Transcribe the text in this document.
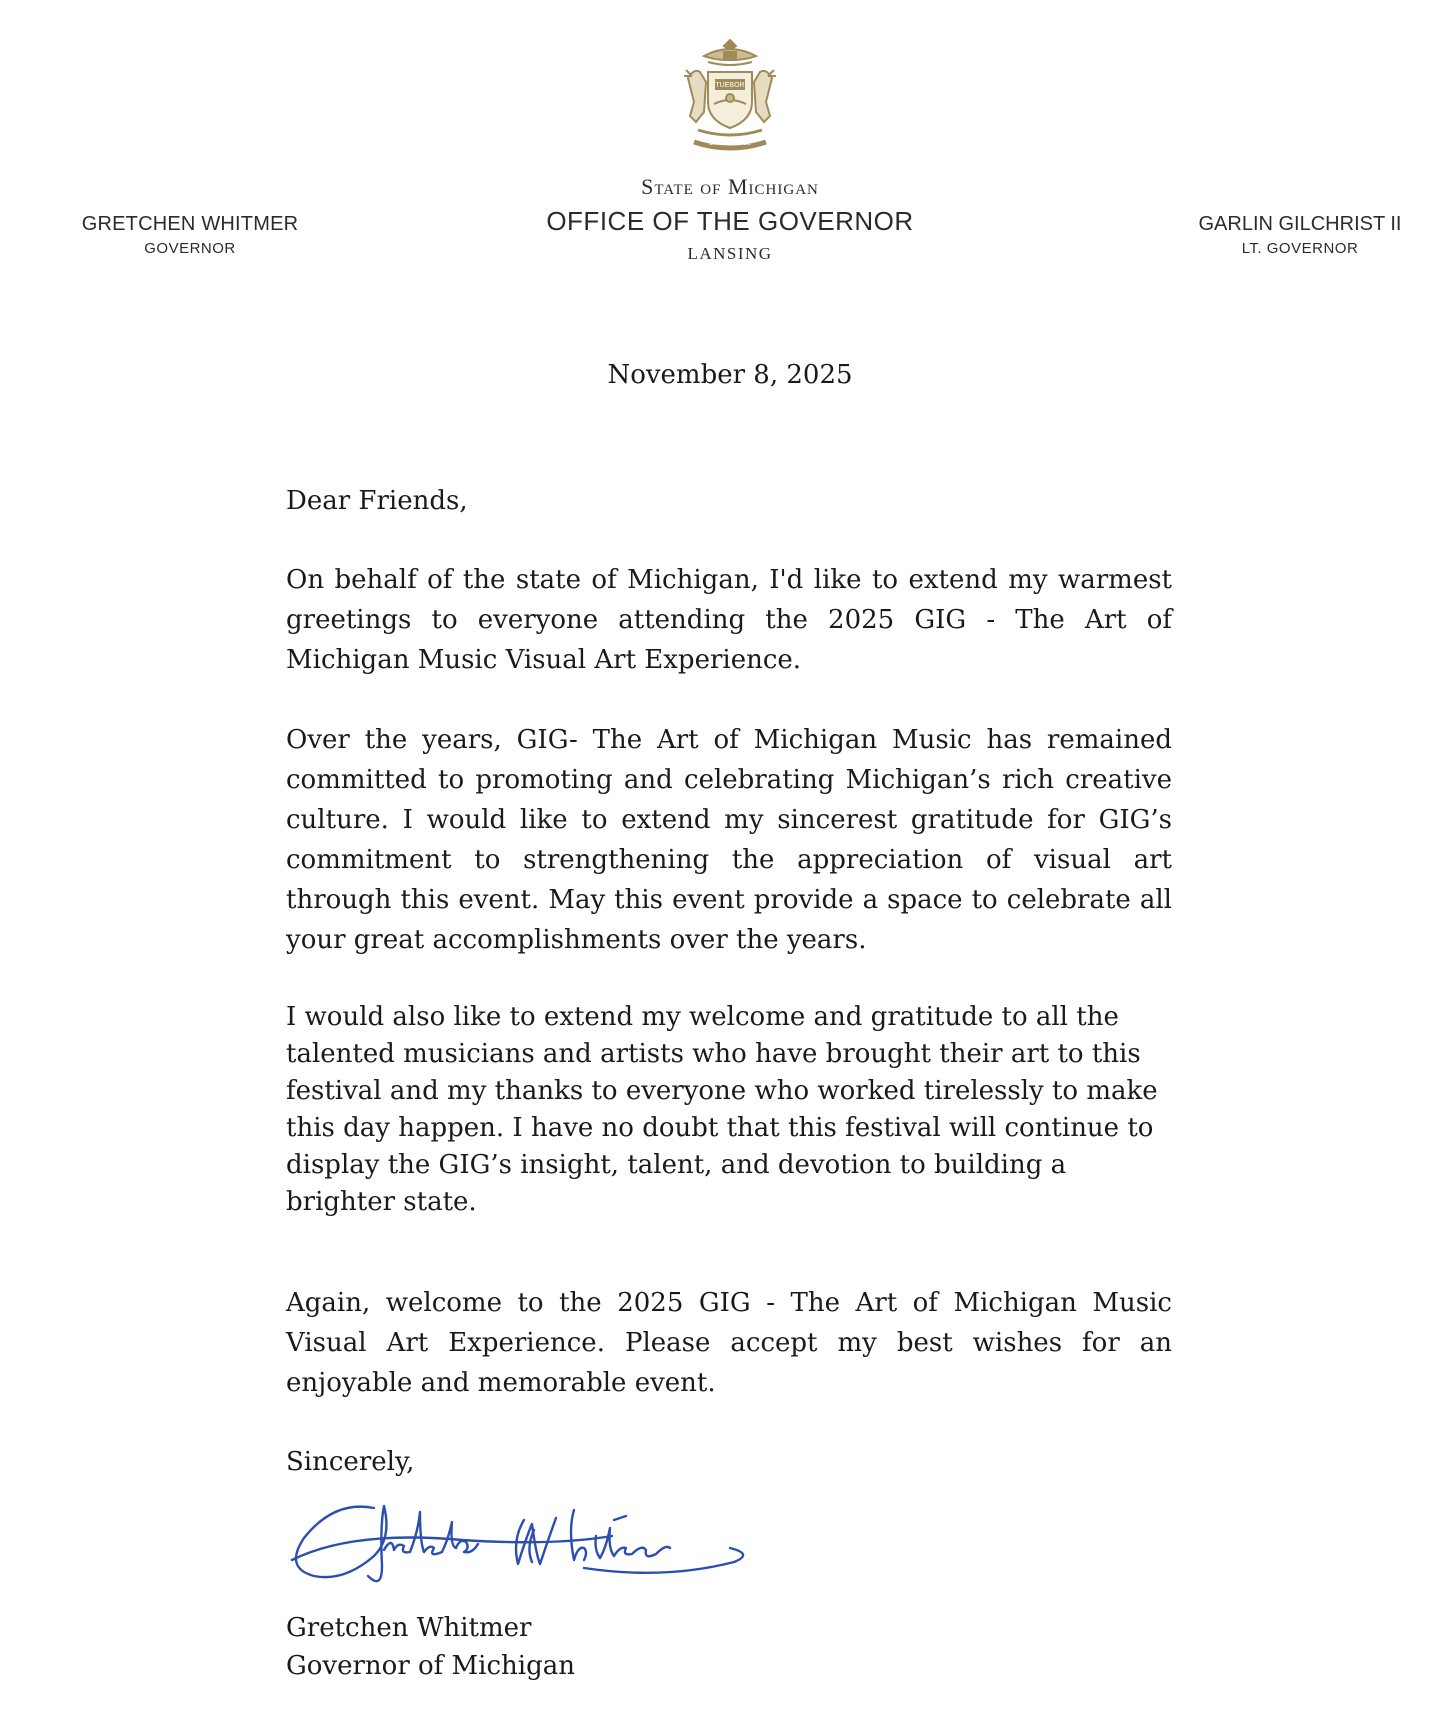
TUEBOR
CIRCUMSPICE
GRETCHEN WHITMER
GOVERNOR
State of Michigan
OFFICE OF THE GOVERNOR
LANSING
GARLIN GILCHRIST II
LT. GOVERNOR
November 8, 2025
Dear Friends,
On behalf of the state of Michigan, I'd like to extend my warmest greetings to everyone attending the 2025 GIG - The Art of Michigan Music Visual Art Experience.
Over the years, GIG- The Art of Michigan Music has remained committed to promoting and celebrating Michigan’s rich creative culture. I would like to extend my sincerest gratitude for GIG’s commitment to strengthening the appreciation of visual art through this event. May this event provide a space to celebrate all your great accomplishments over the years.
I would also like to extend my welcome and gratitude to all the talented musicians and artists who have brought their art to this festival and my thanks to everyone who worked tirelessly to make this day happen. I have no doubt that this festival will continue to display the GIG’s insight, talent, and devotion to building a brighter state.
Again, welcome to the 2025 GIG - The Art of Michigan Music Visual Art Experience. Please accept my best wishes for an enjoyable and memorable event.
Sincerely,
Gretchen Whitmer
Governor of Michigan
